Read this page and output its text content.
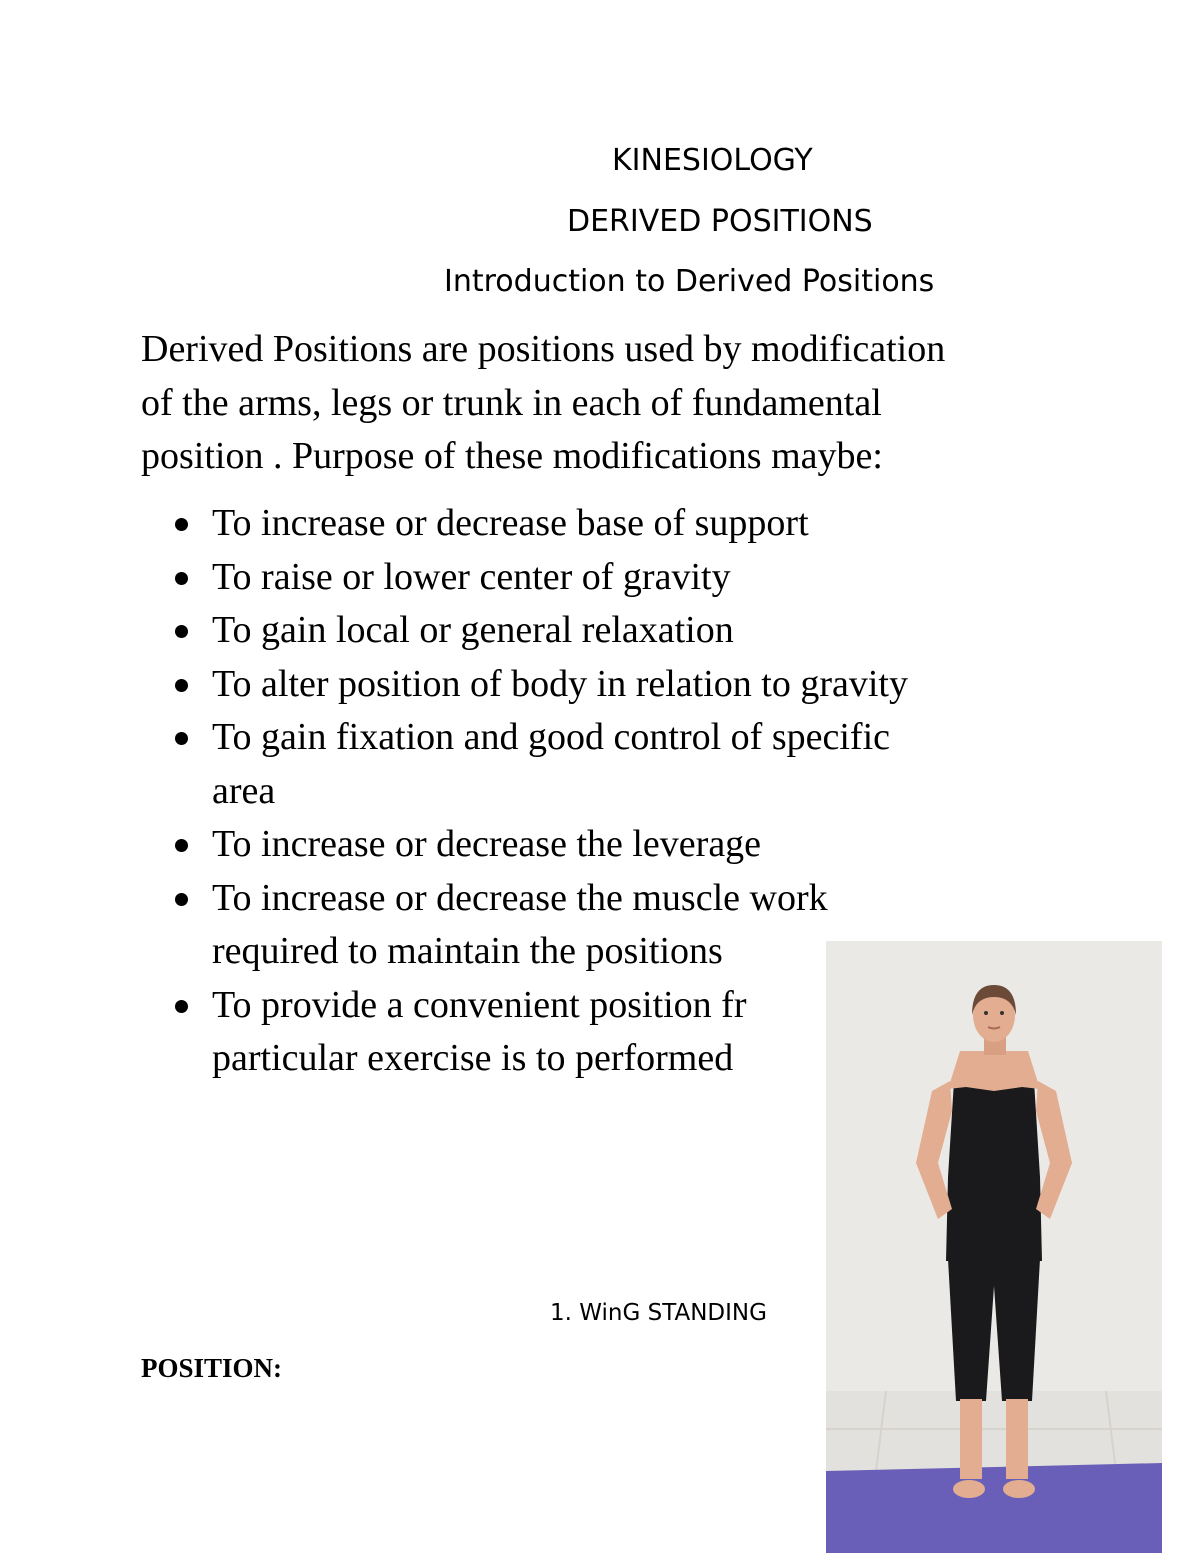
KINESIOLOGY
DERIVED POSITIONS
Introduction to Derived Positions

Derived Positions are positions used by modification
of the arms, legs or trunk in each of fundamental
position . Purpose of these modifications maybe:

To increase or decrease base of support
To raise or lower center of gravity
To gain local or general relaxation
To alter position of body in relation to gravity
To gain fixation and good control of specific
area
To increase or decrease the leverage
To increase or decrease the muscle work
required to maintain the positions
To provide a convenient position fr
particular exercise is to performed
1. WinG STANDING
POSITION:
